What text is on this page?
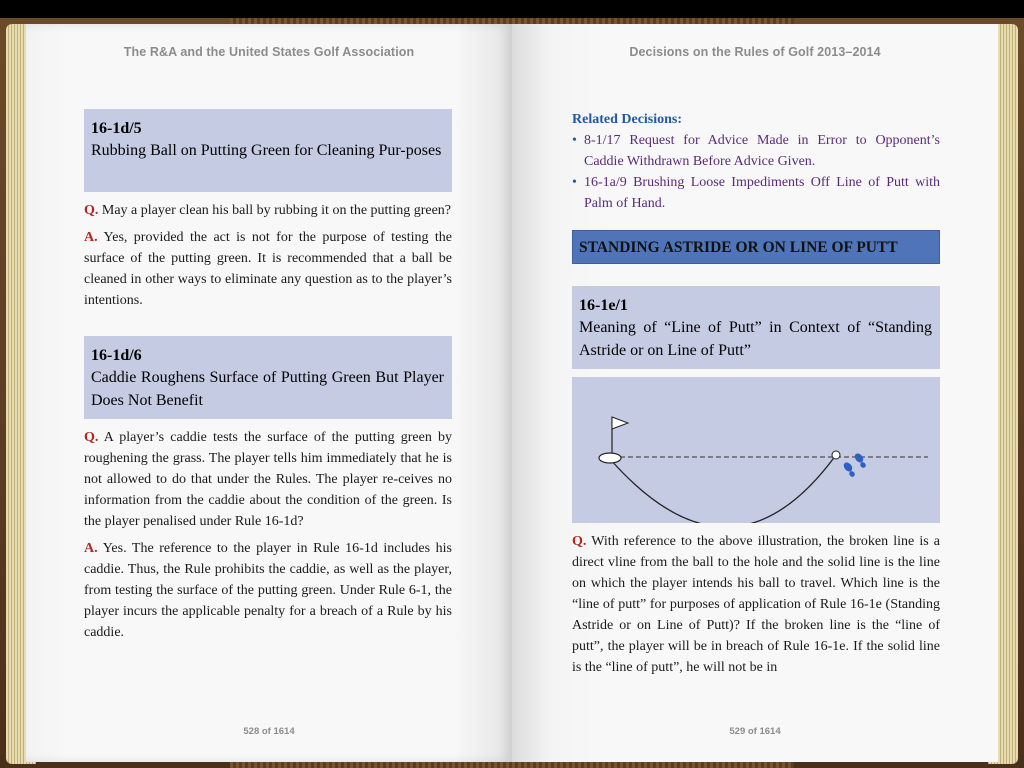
The R&A and the United States Golf Association
16-1d/5
Rubbing Ball on Putting Green for Cleaning Pur-poses

Q. May a player clean his ball by rubbing it on the putting green?

A. Yes, provided the act is not for the purpose of testing the surface of the putting green. It is recommended that a ball be cleaned in other ways to eliminate any question as to the player’s intentions.

16-1d/6
Caddie Roughens Surface of Putting Green But Player Does Not Benefit

Q. A player’s caddie tests the surface of the putting green by roughening the grass. The player tells him immediately that he is not allowed to do that under the Rules. The player re-ceives no information from the caddie about the condition of the green. Is the player penalised under Rule 16-1d?

A. Yes. The reference to the player in Rule 16-1d includes his caddie. Thus, the Rule prohibits the caddie, as well as the player, from testing the surface of the putting green. Under Rule 6-1, the player incurs the applicable penalty for a breach of a Rule by his caddie.

528 of 1614
Decisions on the Rules of Golf 2013–2014
Related Decisions:
• 8-1/17 Request for Advice Made in Error to Opponent’s Caddie Withdrawn Before Advice Given.
• 16-1a/9 Brushing Loose Impediments Off Line of Putt with Palm of Hand.
STANDING ASTRIDE OR ON LINE OF PUTT
16-1e/1
Meaning of “Line of Putt” in Context of “Standing Astride or on Line of Putt”

Q. With reference to the above illustration, the broken line is a direct vline from the ball to the hole and the solid line is the line on which the player intends his ball to travel. Which line is the “line of putt” for purposes of application of Rule 16-1e (Standing Astride or on Line of Putt)? If the broken line is the “line of putt”, the player will be in breach of Rule 16-1e. If the solid line is the “line of putt”, he will not be in

529 of 1614
